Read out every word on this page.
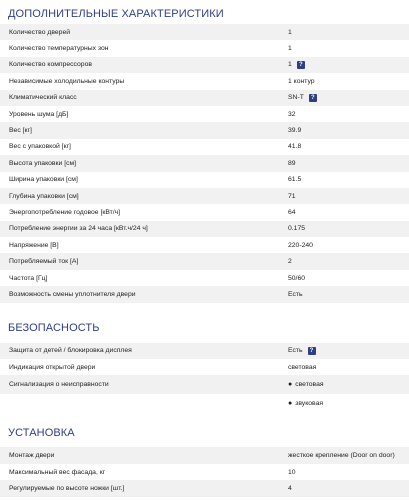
ДОПОЛНИТЕЛЬНЫЕ ХАРАКТЕРИСТИКИ
Количество дверей	1
Количество температурных зон	1
Количество компрессоров	1	?
Независимые холодильные контуры	1 контур
Климатический класс	SN-T	?
Уровень шума [дБ]	32
Вес [кг]	39.9
Вес с упаковкой [кг]	41.8
Высота упаковки [см]	89
Ширина упаковки [см]	61.5
Глубина упаковки [см]	71
Энергопотребление годовое [кВт/ч]	64
Потребление энергии за 24 часа [кВт.ч/24 ч]	0.175
Напряжение [В]	220-240
Потребляемый ток [А]	2
Частота [Гц]	50/60
Возможность смены уплотнителя двери	Есть
БЕЗОПАСНОСТЬ
Защита от детей / блокировка дисплея	Есть	?
Индикация открытой двери	световая
Сигнализация о неисправности	● световая
● звуковая
УСТАНОВКА
Монтаж двери	жесткое крепление (Door on door)
Максимальный вес фасада, кг	10
Регулируемые по высоте ножки [шт.]	4
